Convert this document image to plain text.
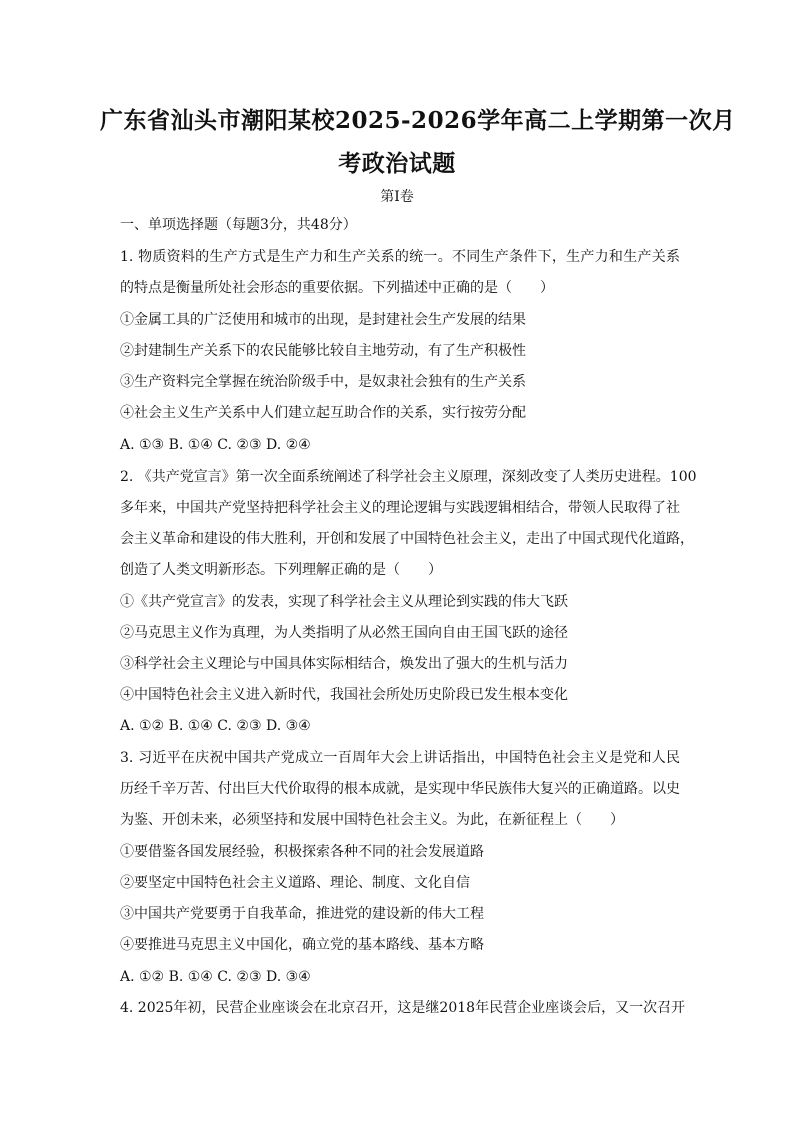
广东省汕头市潮阳某校2025-2026学年高二上学期第一次月
考政治试题
第Ⅰ卷
一、单项选择题（每题3分，共48分）
1. 物质资料的生产方式是生产力和生产关系的统一。不同生产条件下，生产力和生产关系
的特点是衡量所处社会形态的重要依据。下列描述中正确的是（　　）
①金属工具的广泛使用和城市的出现，是封建社会生产发展的结果
②封建制生产关系下的农民能够比较自主地劳动，有了生产积极性
③生产资料完全掌握在统治阶级手中，是奴隶社会独有的生产关系
④社会主义生产关系中人们建立起互助合作的关系，实行按劳分配
A. ①③ B. ①④ C. ②③ D. ②④
2. 《共产党宣言》第一次全面系统阐述了科学社会主义原理，深刻改变了人类历史进程。100
多年来，中国共产党坚持把科学社会主义的理论逻辑与实践逻辑相结合，带领人民取得了社
会主义革命和建设的伟大胜利，开创和发展了中国特色社会主义，走出了中国式现代化道路，
创造了人类文明新形态。下列理解正确的是（　　）
①《共产党宣言》的发表，实现了科学社会主义从理论到实践的伟大飞跃
②马克思主义作为真理，为人类指明了从必然王国向自由王国飞跃的途径
③科学社会主义理论与中国具体实际相结合，焕发出了强大的生机与活力
④中国特色社会主义进入新时代，我国社会所处历史阶段已发生根本变化
A. ①② B. ①④ C. ②③ D. ③④
3. 习近平在庆祝中国共产党成立一百周年大会上讲话指出，中国特色社会主义是党和人民
历经千辛万苦、付出巨大代价取得的根本成就，是实现中华民族伟大复兴的正确道路。以史
为鉴、开创未来，必须坚持和发展中国特色社会主义。为此，在新征程上（　　）
①要借鉴各国发展经验，积极探索各种不同的社会发展道路
②要坚定中国特色社会主义道路、理论、制度、文化自信
③中国共产党要勇于自我革命，推进党的建设新的伟大工程
④要推进马克思主义中国化，确立党的基本路线、基本方略
A. ①② B. ①④ C. ②③ D. ③④
4. 2025年初，民营企业座谈会在北京召开，这是继2018年民营企业座谈会后，又一次召开
